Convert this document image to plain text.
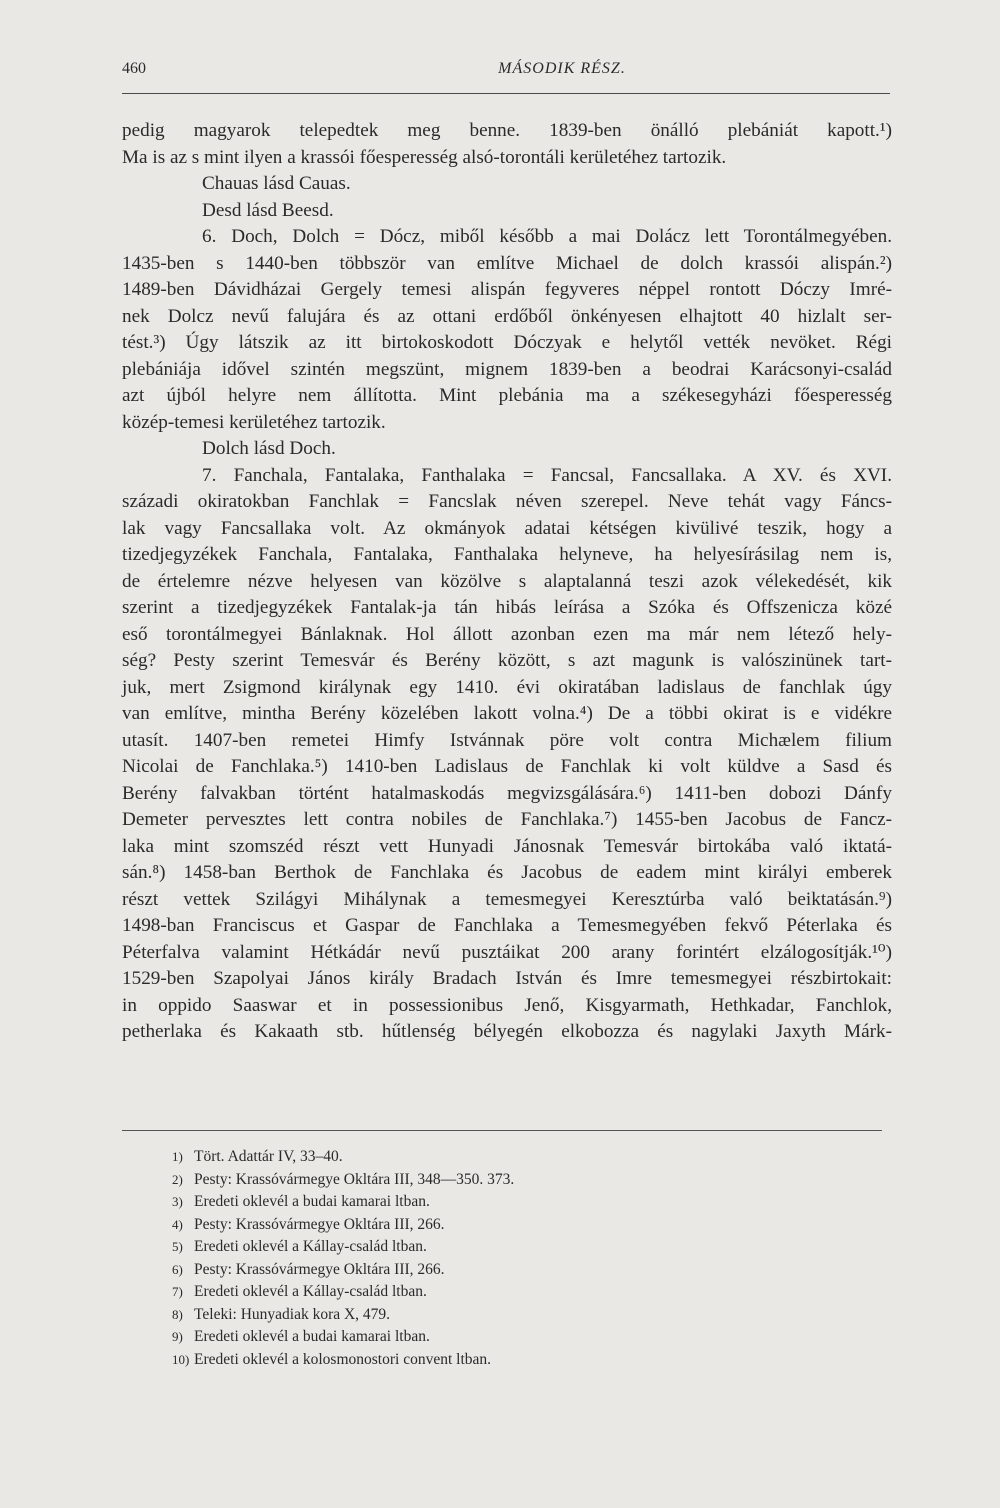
460	MÁSODIK RÉSZ.

pedig magyarok telepedtek meg benne. 1839-ben önálló plebániát kapott.¹)

Ma is az s mint ilyen a krassói főesperesség alsó-torontáli kerületéhez tartozik.

Chauas lásd Cauas.

Desd lásd Beesd.

6. Doch, Dolch = Dócz, miből később a mai Dolácz lett Torontálmegyében.

1435-ben s 1440-ben többször van említve Michael de dolch krassói alispán.²)

1489-ben Dávidházai Gergely temesi alispán fegyveres néppel rontott Dóczy Imré-

nek Dolcz nevű falujára és az ottani erdőből önkényesen elhajtott 40 hizlalt ser-

tést.³) Úgy látszik az itt birtokoskodott Dóczyak e helytől vették nevöket. Régi

plebániája idővel szintén megszünt, mignem 1839-ben a beodrai Karácsonyi-család

azt újból helyre nem állította. Mint plebánia ma a székesegyházi főesperesség

közép-temesi kerületéhez tartozik.

Dolch lásd Doch.

7. Fanchala, Fantalaka, Fanthalaka = Fancsal, Fancsallaka. A XV. és XVI.

századi okiratokban Fanchlak = Fancslak néven szerepel. Neve tehát vagy Fáncs-

lak vagy Fancsallaka volt. Az okmányok adatai kétségen kivülivé teszik, hogy a

tizedjegyzékek Fanchala, Fantalaka, Fanthalaka helyneve, ha helyesírásilag nem is,

de értelemre nézve helyesen van közölve s alaptalanná teszi azok vélekedését, kik

szerint a tizedjegyzékek Fantalak-ja tán hibás leírása a Szóka és Offszenicza közé

eső torontálmegyei Bánlaknak. Hol állott azonban ezen ma már nem létező hely-

ség? Pesty szerint Temesvár és Berény között, s azt magunk is valószinünek tart-

juk, mert Zsigmond királynak egy 1410. évi okiratában ladislaus de fanchlak úgy

van említve, mintha Berény közelében lakott volna.⁴) De a többi okirat is e vidékre

utasít. 1407-ben remetei Himfy Istvánnak pöre volt contra Michælem filium

Nicolai de Fanchlaka.⁵) 1410-ben Ladislaus de Fanchlak ki volt küldve a Sasd és

Berény falvakban történt hatalmaskodás megvizsgálására.⁶) 1411-ben dobozi Dánfy

Demeter pervesztes lett contra nobiles de Fanchlaka.⁷) 1455-ben Jacobus de Fancz-

laka mint szomszéd részt vett Hunyadi Jánosnak Temesvár birtokába való iktatá-

sán.⁸) 1458-ban Berthok de Fanchlaka és Jacobus de eadem mint királyi emberek

részt vettek Szilágyi Mihálynak a temesmegyei Keresztúrba való beiktatásán.⁹)

1498-ban Franciscus et Gaspar de Fanchlaka a Temesmegyében fekvő Péterlaka és

Péterfalva valamint Hétkádár nevű pusztáikat 200 arany forintért elzálogosítják.¹⁰)

1529-ben Szapolyai János király Bradach István és Imre temesmegyei részbirtokait:

in oppido Saaswar et in possessionibus Jenő, Kisgyarmath, Hethkadar, Fanchlok,

petherlaka és Kakaath stb. hűtlenség bélyegén elkobozza és nagylaki Jaxyth Márk-

1) Tört. Adattár IV, 33–40.
2) Pesty: Krassóvármegye Okltára III, 348—350. 373.
3) Eredeti oklevél a budai kamarai ltban.
4) Pesty: Krassóvármegye Okltára III, 266.
5) Eredeti oklevél a Kállay-család ltban.
6) Pesty: Krassóvármegye Okltára III, 266.
7) Eredeti oklevél a Kállay-család ltban.
8) Teleki: Hunyadiak kora X, 479.
9) Eredeti oklevél a budai kamarai ltban.
10) Eredeti oklevél a kolosmonostori convent ltban.
